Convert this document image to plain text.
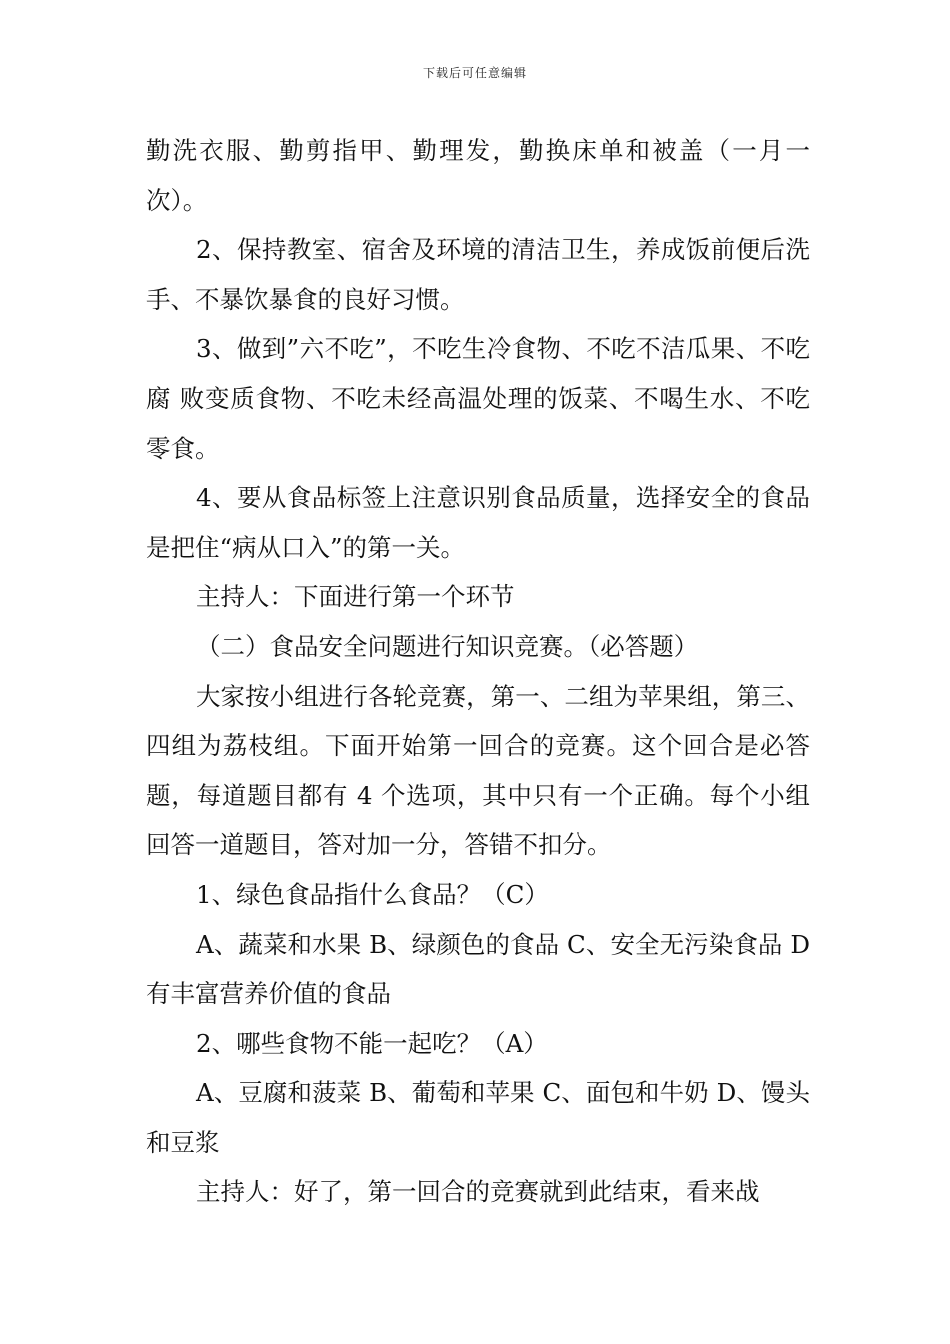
下载后可任意编辑

勤洗衣服、勤剪指甲、勤理发，勤换床单和被盖（一月一次）。

2、保持教室、宿舍及环境的清洁卫生，养成饭前便后洗手、不暴饮暴食的良好习惯。

3、做到”六不吃”，不吃生冷食物、不吃不洁瓜果、不吃腐 败变质食物、不吃未经高温处理的饭菜、不喝生水、不吃零食。

4、要从食品标签上注意识别食品质量，选择安全的食品是把住“病从口入”的第一关。

主持人：下面进行第一个环节

（二）食品安全问题进行知识竞赛。（必答题）

大家按小组进行各轮竞赛，第一、二组为苹果组，第三、四组为荔枝组。下面开始第一回合的竞赛。这个回合是必答题，每道题目都有 4 个选项，其中只有一个正确。每个小组回答一道题目，答对加一分，答错不扣分。

1、绿色食品指什么食品？（C）

A、蔬菜和水果 B、绿颜色的食品 C、安全无污染食品 D 有丰富营养价值的食品

2、哪些食物不能一起吃？（A）

A、豆腐和菠菜 B、葡萄和苹果 C、面包和牛奶 D、馒头和豆浆

主持人：好了，第一回合的竞赛就到此结束，看来战
